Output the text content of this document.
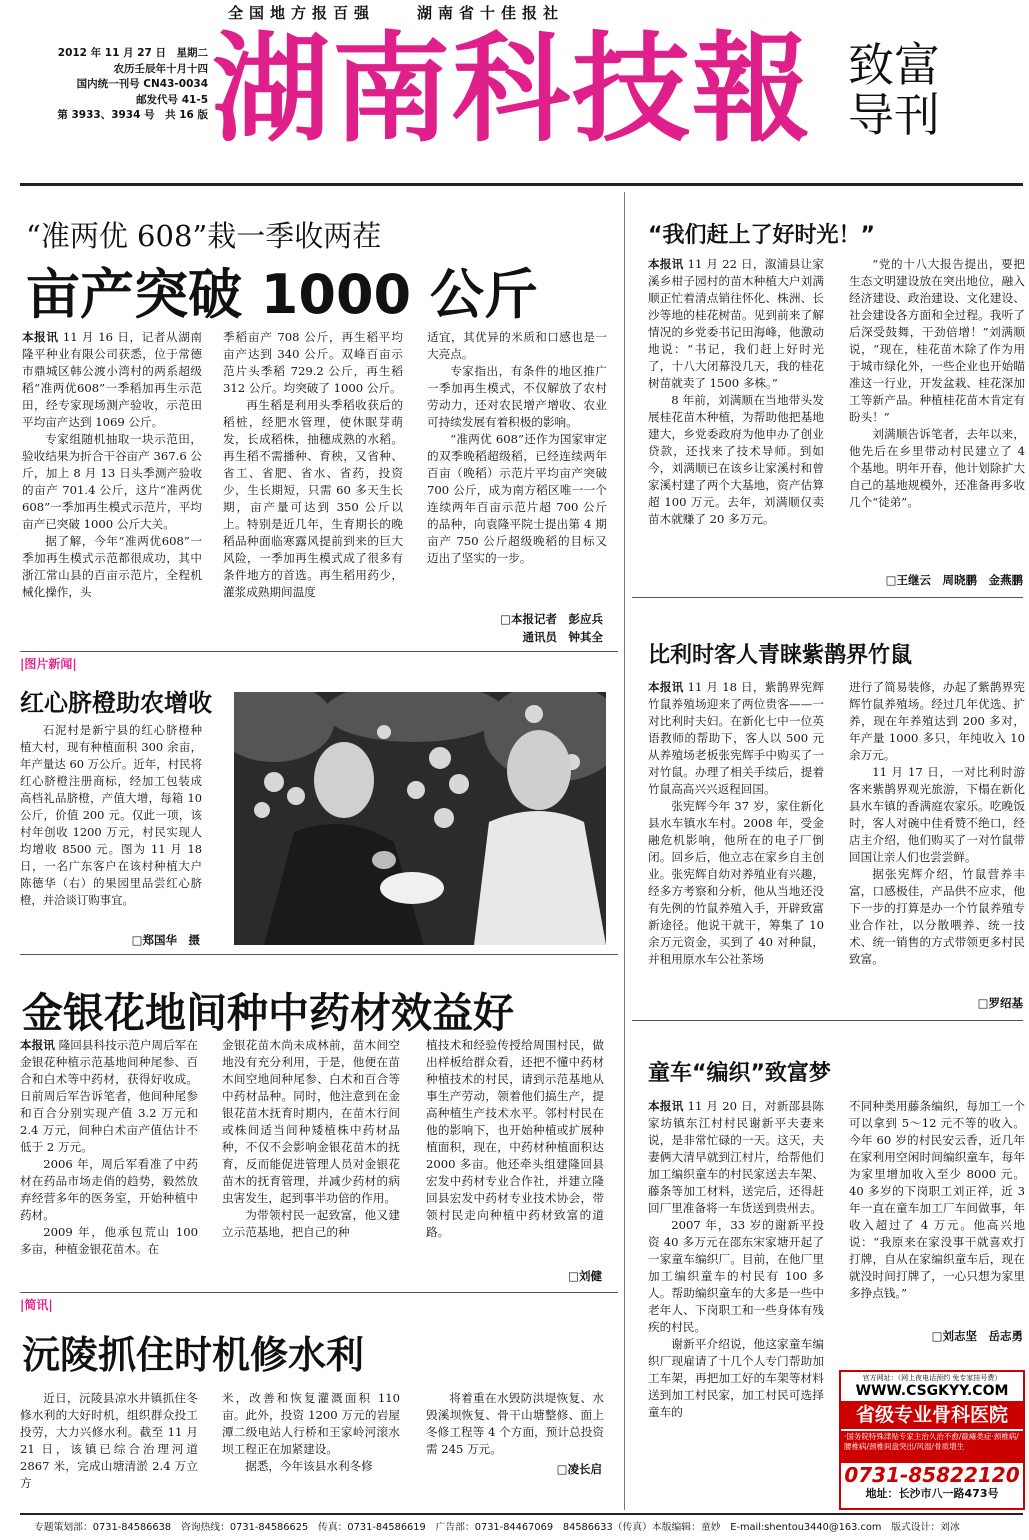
全国地方报百强　　湖南省十佳报社
2012 年 11 月 27 日　星期二
农历壬辰年十月十四
国内统一刊号 CN43-0034
邮发代号 41-5
第 3933、3934 号　共 16 版 湖南科技報 致富
导刊
“准两优 608”栽一季收两茬
亩产突破 1000 公斤

本报讯 11 月 16 日，记者从湖南隆平种业有限公司获悉，位于常德市鼎城区韩公渡小湾村的两系超级稻“准两优608”一季稻加再生示范田，经专家现场测产验收，示范田平均亩产达到 1069 公斤。

专家组随机抽取一块示范田，验收结果为折合干谷亩产 367.6 公斤，加上 8 月 13 日头季测产验收的亩产 701.4 公斤，这片“准两优 608”一季加再生模式示范片，平均亩产已突破 1000 公斤大关。

据了解，今年“准两优608”一季加再生模式示范都很成功，其中浙江常山县的百亩示范片，全程机械化操作，头

季稻亩产 708 公斤，再生稻平均亩产达到 340 公斤。双峰百亩示范片头季稻 729.2 公斤，再生稻 312 公斤。均突破了 1000 公斤。

再生稻是利用头季稻收获后的稻桩，经肥水管理，使休眠芽萌发，长成稻株，抽穗成熟的水稻。再生稻不需播种、育秧，又省种、省工、省肥、省水、省药，投资少，生长期短，只需 60 多天生长期，亩产量可达到 350 公斤以上。特别是近几年，生育期长的晚稻品种面临寒露风提前到来的巨大风险，一季加再生模式成了很多有条件地方的首选。再生稻用药少，灌浆成熟期间温度

适宜，其优异的米质和口感也是一大亮点。

专家指出，有条件的地区推广一季加再生模式，不仅解放了农村劳动力，还对农民增产增收、农业可持续发展有着积极的影响。

“准两优 608”还作为国家审定的双季晚稻超级稻，已经连续两年百亩（晚稻）示范片平均亩产突破 700 公斤，成为南方稻区唯一一个连续两年百亩示范片超 700 公斤的品种，向袁隆平院士提出第 4 期亩产 750 公斤超级晚稻的目标又迈出了坚实的一步。

□本报记者　彭应兵
通讯员　钟其全
|图片新闻|
红心脐橙助农增收

石泥村是新宁县的红心脐橙种植大村，现有种植面积 300 余亩，年产量达 60 万公斤。近年，村民将红心脐橙注册商标，经加工包装成高档礼品脐橙，产值大增，每箱 10 公斤，价值 200 元。仅此一项，该村年创收 1200 万元，村民实现人均增收 8500 元。图为 11 月 18 日，一名广东客户在该村种植大户陈德华（右）的果园里品尝红心脐橙，并洽谈订购事宜。

□郑国华　摄
金银花地间种中药材效益好

本报讯 隆回县科技示范户周后军在金银花种植示范基地间种尾参、百合和白术等中药材，获得好收成。日前周后军告诉笔者，他间种尾参和百合分别实现产值 3.2 万元和 2.4 万元，间种白术亩产值估计不低于 2 万元。

2006 年，周后军看准了中药材在药品市场走俏的趋势，毅然放弃经营多年的医务室，开始种植中药材。

2009 年，他承包荒山 100 多亩，种植金银花苗木。在

金银花苗木尚未成林前，苗木间空地没有充分利用，于是，他便在苗木间空地间种尾参、白术和百合等中药材品种。同时，他注意到在金银花苗木抚育时期内，在苗木行间或株间适当间种矮植株中药材品种，不仅不会影响金银花苗木的抚育，反而能促进管理人员对金银花苗木的抚育管理，并减少药材的病虫害发生，起到事半功倍的作用。

为带领村民一起致富，他又建立示范基地，把自己的种

植技术和经验传授给周围村民，做出样板给群众看，还把不懂中药材种植技术的村民，请到示范基地从事生产劳动，领着他们搞生产，提高种植生产技术水平。邻村村民在他的影响下，也开始种植或扩展种植面积，现在，中药材种植面积达 2000 多亩。他还牵头组建隆回县宏发中药材专业合作社，并建立隆回县宏发中药材专业技术协会，带领村民走向种植中药材致富的道路。

□刘健
|简讯|
沅陵抓住时机修水利

近日，沅陵县凉水井镇抓住冬修水利的大好时机，组织群众投工投劳，大力兴修水利。截至 11 月 21 日，该镇已综合治理河道 2867 米，完成山塘清淤 2.4 万立方

米，改善和恢复灌溉面积 110 亩。此外，投资 1200 万元的岩屋潭二级电站人行桥和王家岭河滚水坝工程正在加紧建设。

据悉，今年该县水利冬修

将着重在水毁防洪堤恢复、水毁溪坝恢复、骨干山塘整修、面上冬修工程等 4 个方面，预计总投资需 245 万元。

□凌长启
“我们赶上了好时光！”

本报讯 11 月 22 日，溆浦县让家溪乡柑子园村的苗木种植大户刘满顺正忙着清点销往怀化、株洲、长沙等地的桂花树苗。见到前来了解情况的乡党委书记田海峰，他激动地说：“书记，我们赶上好时光了，十八大闭幕没几天，我的桂花树苗就卖了 1500 多株。”

8 年前，刘满顺在当地带头发展桂花苗木种植，为帮助他把基地建大，乡党委政府为他申办了创业贷款，还找来了技术导师。到如今，刘满顺已在该乡让家溪村和曾家溪村建了两个大基地，资产估算超 100 万元。去年，刘满顺仅卖苗木就赚了 20 多万元。

“党的十八大报告提出，要把生态文明建设放在突出地位，融入经济建设、政治建设、文化建设、社会建设各方面和全过程。我听了后深受鼓舞，干劲倍增！”刘满顺说，“现在，桂花苗木除了作为用于城市绿化外，一些企业也开始瞄准这一行业，开发盆栽、桂花深加工等新产品。种植桂花苗木肯定有盼头！”

刘满顺告诉笔者，去年以来，他先后在乡里带动村民建立了 4 个基地。明年开春，他计划除扩大自己的基地规模外，还准备再多收几个“徒弟”。

□王继云　周晓鹏　金燕鹏
比利时客人青睐紫鹊界竹鼠

本报讯 11 月 18 日，紫鹊界宪辉竹鼠养殖场迎来了两位贵客——一对比利时夫妇。在新化七中一位英语教师的帮助下，客人以 500 元从养殖场老板张宪辉手中购买了一对竹鼠。办理了相关手续后，提着竹鼠高高兴兴返程回国。

张宪辉今年 37 岁，家住新化县水车镇水车村。2008 年，受金融危机影响，他所在的电子厂倒闭。回乡后，他立志在家乡自主创业。张宪辉自幼对养殖业有兴趣，经多方考察和分析，他从当地还没有先例的竹鼠养殖入手，开辟致富新途径。他说干就干，筹集了 10 余万元资金，买到了 40 对种鼠，并租用原水车公社茶场

进行了简易装修，办起了紫鹊界宪辉竹鼠养殖场。经过几年优选、扩养，现在年养殖达到 200 多对，年产量 1000 多只，年纯收入 10 余万元。

11 月 17 日，一对比利时游客来紫鹊界观光旅游，下榻在新化县水车镇的香满庭农家乐。吃晚饭时，客人对碗中佳肴赞不绝口，经店主介绍，他们购买了一对竹鼠带回国让亲人们也尝尝鲜。

据张宪辉介绍，竹鼠营养丰富，口感极佳，产品供不应求，他下一步的打算是办一个竹鼠养殖专业合作社，以分散喂养、统一技术、统一销售的方式带领更多村民致富。

□罗绍基
童车“编织”致富梦

本报讯 11 月 20 日，对新邵县陈家坊镇东江村村民谢新平夫妻来说，是非常忙碌的一天。这天，夫妻俩大清早就到江村片，给帮他们加工编织童车的村民家送去车架、藤条等加工材料，送完后，还得赶回厂里准备将一车货送到贵州去。

2007 年，33 岁的谢新平投资 40 多万元在邵东宋家塘开起了一家童车编织厂。目前，在他厂里加工编织童车的村民有 100 多人。帮助编织童车的大多是一些中老年人、下岗职工和一些身体有残疾的村民。

谢新平介绍说，他这家童车编织厂现雇请了十几个人专门帮助加工车架，再把加工好的车架等材料送到加工村民家，加工村民可选择童车的

不同种类用藤条编织，每加工一个可以拿到 5～12 元不等的收入。今年 60 岁的村民安云香，近几年在家利用空闲时间编织童车，每年为家里增加收入至少 8000 元。40 多岁的下岗职工刘正祥，近 3 年一直在童车加工厂车间做事，年收入超过了 4 万元。他高兴地说：“我原来在家没事干就喜欢打打牌，自从在家编织童车后，现在就没时间打牌了，一心只想为家里多挣点钱。”

□刘志坚　岳志勇
官方网址：（网上夜电话预约 免专家挂号费）
WWW.CSGKYY.COM
省级专业骨科医院
·国务院特殊津贴专家主治久治不愈/截瘫类症·颈椎病/腰椎病/颈椎间盘突出/风湿/骨质增生
0731-85822120
地址：长沙市八一路473号
专题策划部：0731-84586638　咨询热线：0731-84586625　传真：0731-84586619　广告部：0731-84467069　84586633（传真）本版编辑：童妙　E-mail:shentou3440@163.com　版式设计：刘冰
